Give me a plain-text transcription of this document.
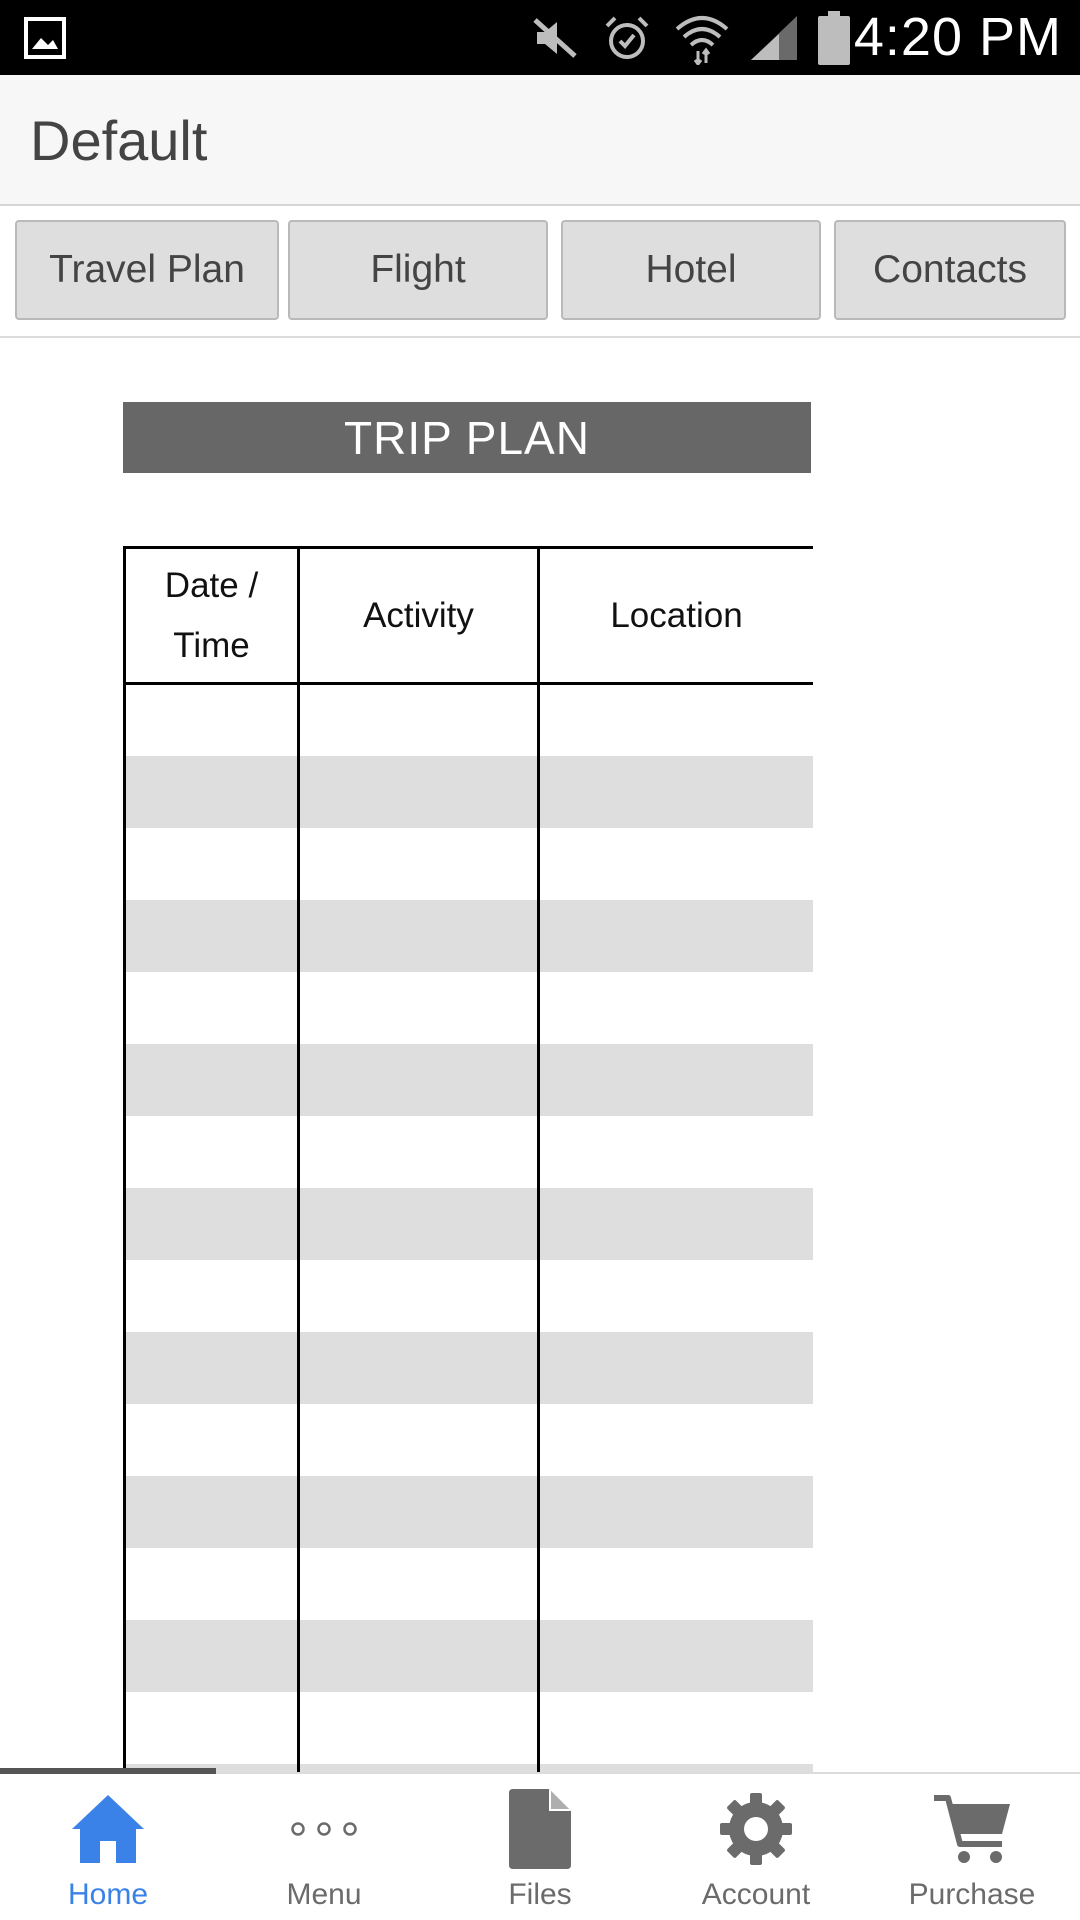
4:20 PM
Default
Travel Plan	Flight	Hotel	Contacts
TRIP PLAN
Date /
Time	Activity	Location

Home	Menu	Files	Account	Purchase
